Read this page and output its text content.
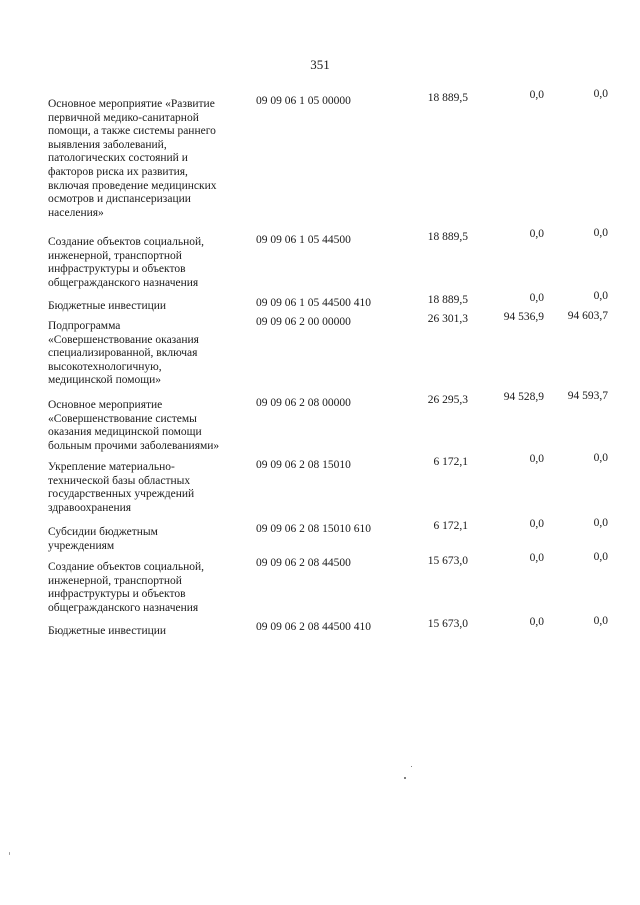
351
Основное мероприятие «Развитие
первичной медико-санитарной
помощи, а также системы раннего
выявления заболеваний,
патологических состояний и
факторов риска их развития,
включая проведение медицинских
осмотров и диспансеризации
населения»
09 09 06 1 05 00000	18 889,5	0,0	0,0
Создание объектов социальной,
инженерной, транспортной
инфраструктуры и объектов
общегражданского назначения
09 09 06 1 05 44500	18 889,5	0,0	0,0
Бюджетные инвестиции	09 09 06 1 05 44500 410	18 889,5	0,0	0,0
Подпрограмма
«Совершенствование оказания
специализированной, включая
высокотехнологичную,
медицинской помощи»
09 09 06 2 00 00000	26 301,3	94 536,9	94 603,7
Основное мероприятие
«Совершенствование системы
оказания медицинской помощи
больным прочими заболеваниями»
09 09 06 2 08 00000	26 295,3	94 528,9	94 593,7
Укрепление материально-
технической базы областных
государственных учреждений
здравоохранения
09 09 06 2 08 15010	6 172,1	0,0	0,0
Субсидии бюджетным
учреждениям
09 09 06 2 08 15010 610	6 172,1	0,0	0,0
Создание объектов социальной,
инженерной, транспортной
инфраструктуры и объектов
общегражданского назначения
09 09 06 2 08 44500	15 673,0	0,0	0,0
Бюджетные инвестиции	09 09 06 2 08 44500 410	15 673,0	0,0	0,0
